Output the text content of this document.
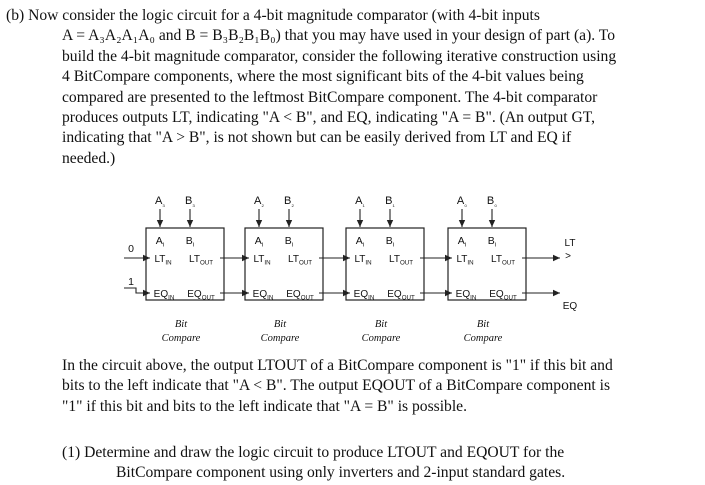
(b) Now consider the logic circuit for a 4-bit magnitude comparator (with 4-bit inputs
A = A₃A₂A₁A₀ and B = B₃B₂B₁B₀) that you may have used in your design of part (a). To
build the 4-bit magnitude comparator, consider the following iterative construction using
4 BitCompare components, where the most significant bits of the 4-bit values being
compared are presented to the leftmost BitCompare component. The 4-bit comparator
produces outputs LT, indicating "A < B", and EQ, indicating "A = B". (An output GT,
indicating that "A > B", is not shown but can be easily derived from LT and EQ if
needed.)
$A_{_3}$ $B_{_3}$
$A_i$ $B_i$
$LT_{IN}$ $LT_{OUT}$
$EQ_{IN}$ $EQ_{OUT}$
Bit
Compare
$A_{_2}$ $B_{_2}$
$A_i$ $B_i$
$LT_{IN}$ $LT_{OUT}$
$EQ_{IN}$ $EQ_{OUT}$
Bit
Compare
$A_{_1}$ $B_{_1}$
$A_i$ $B_i$
$LT_{IN}$ $LT_{OUT}$
$EQ_{IN}$ $EQ_{OUT}$
Bit
Compare
$A_{_0}$ $B_{_0}$
$A_i$ $B_i$
$LT_{IN}$ $LT_{OUT}$
$EQ_{IN}$ $EQ_{OUT}$
Bit
Compare
0
1
LT
>
EQ
In the circuit above, the output LTOUT of a BitCompare component is "1" if this bit and
bits to the left indicate that "A < B". The output EQOUT of a BitCompare component is
"1" if this bit and bits to the left indicate that "A = B" is possible.
(1) Determine and draw the logic circuit to produce LTOUT and EQOUT for the
BitCompare component using only inverters and 2-input standard gates.
